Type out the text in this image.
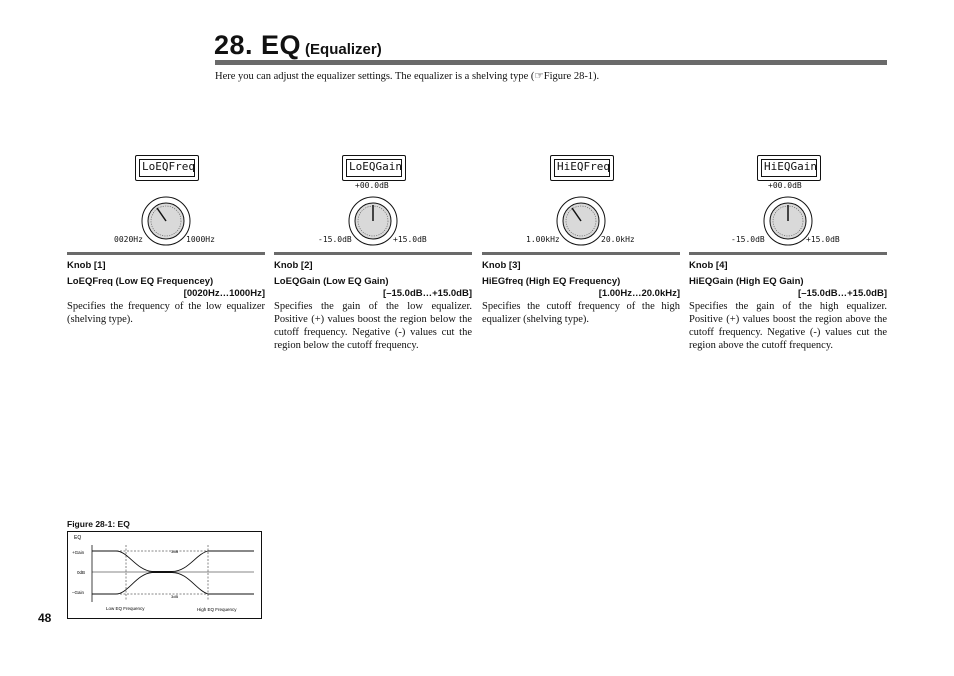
28. EQ (Equalizer)
Here you can adjust the equalizer settings. The equalizer is a shelving type (☞Figure 28-1).
LoEQFreq
0020Hz	1000Hz
LoEQGain
+00.0dB
-15.0dB	+15.0dB
HiEQFreq
1.00kHz	20.0kHz
HiEQGain
+00.0dB
-15.0dB	+15.0dB
Knob [1]
LoEQFreq (Low EQ Frequencey)
[0020Hz…1000Hz]
Specifies the frequency of the low equalizer (shelving type).
Knob [2]
LoEQGain (Low EQ Gain)
[–15.0dB…+15.0dB]
Specifies the gain of the low equalizer. Positive (+) values boost the region below the cutoff frequency. Negative (-) values cut the region below the cutoff frequency.
Knob [3]
HiEGfreq (High EQ Frequency)
[1.00Hz…20.0kHz]
Specifies the cutoff frequency of the high equalizer (shelving type).
Knob [4]
HiEQGain (High EQ Gain)
[–15.0dB…+15.0dB]
Specifies the gain of the high equalizer. Positive (+) values boost the region above the cutoff frequency. Negative (-) values cut the region above the cutoff frequency.
Figure 28-1: EQ
EQ
+Gain
0dB
–Gain
3dB
3dB
Low EQ Frequency	High EQ Frequency
48
